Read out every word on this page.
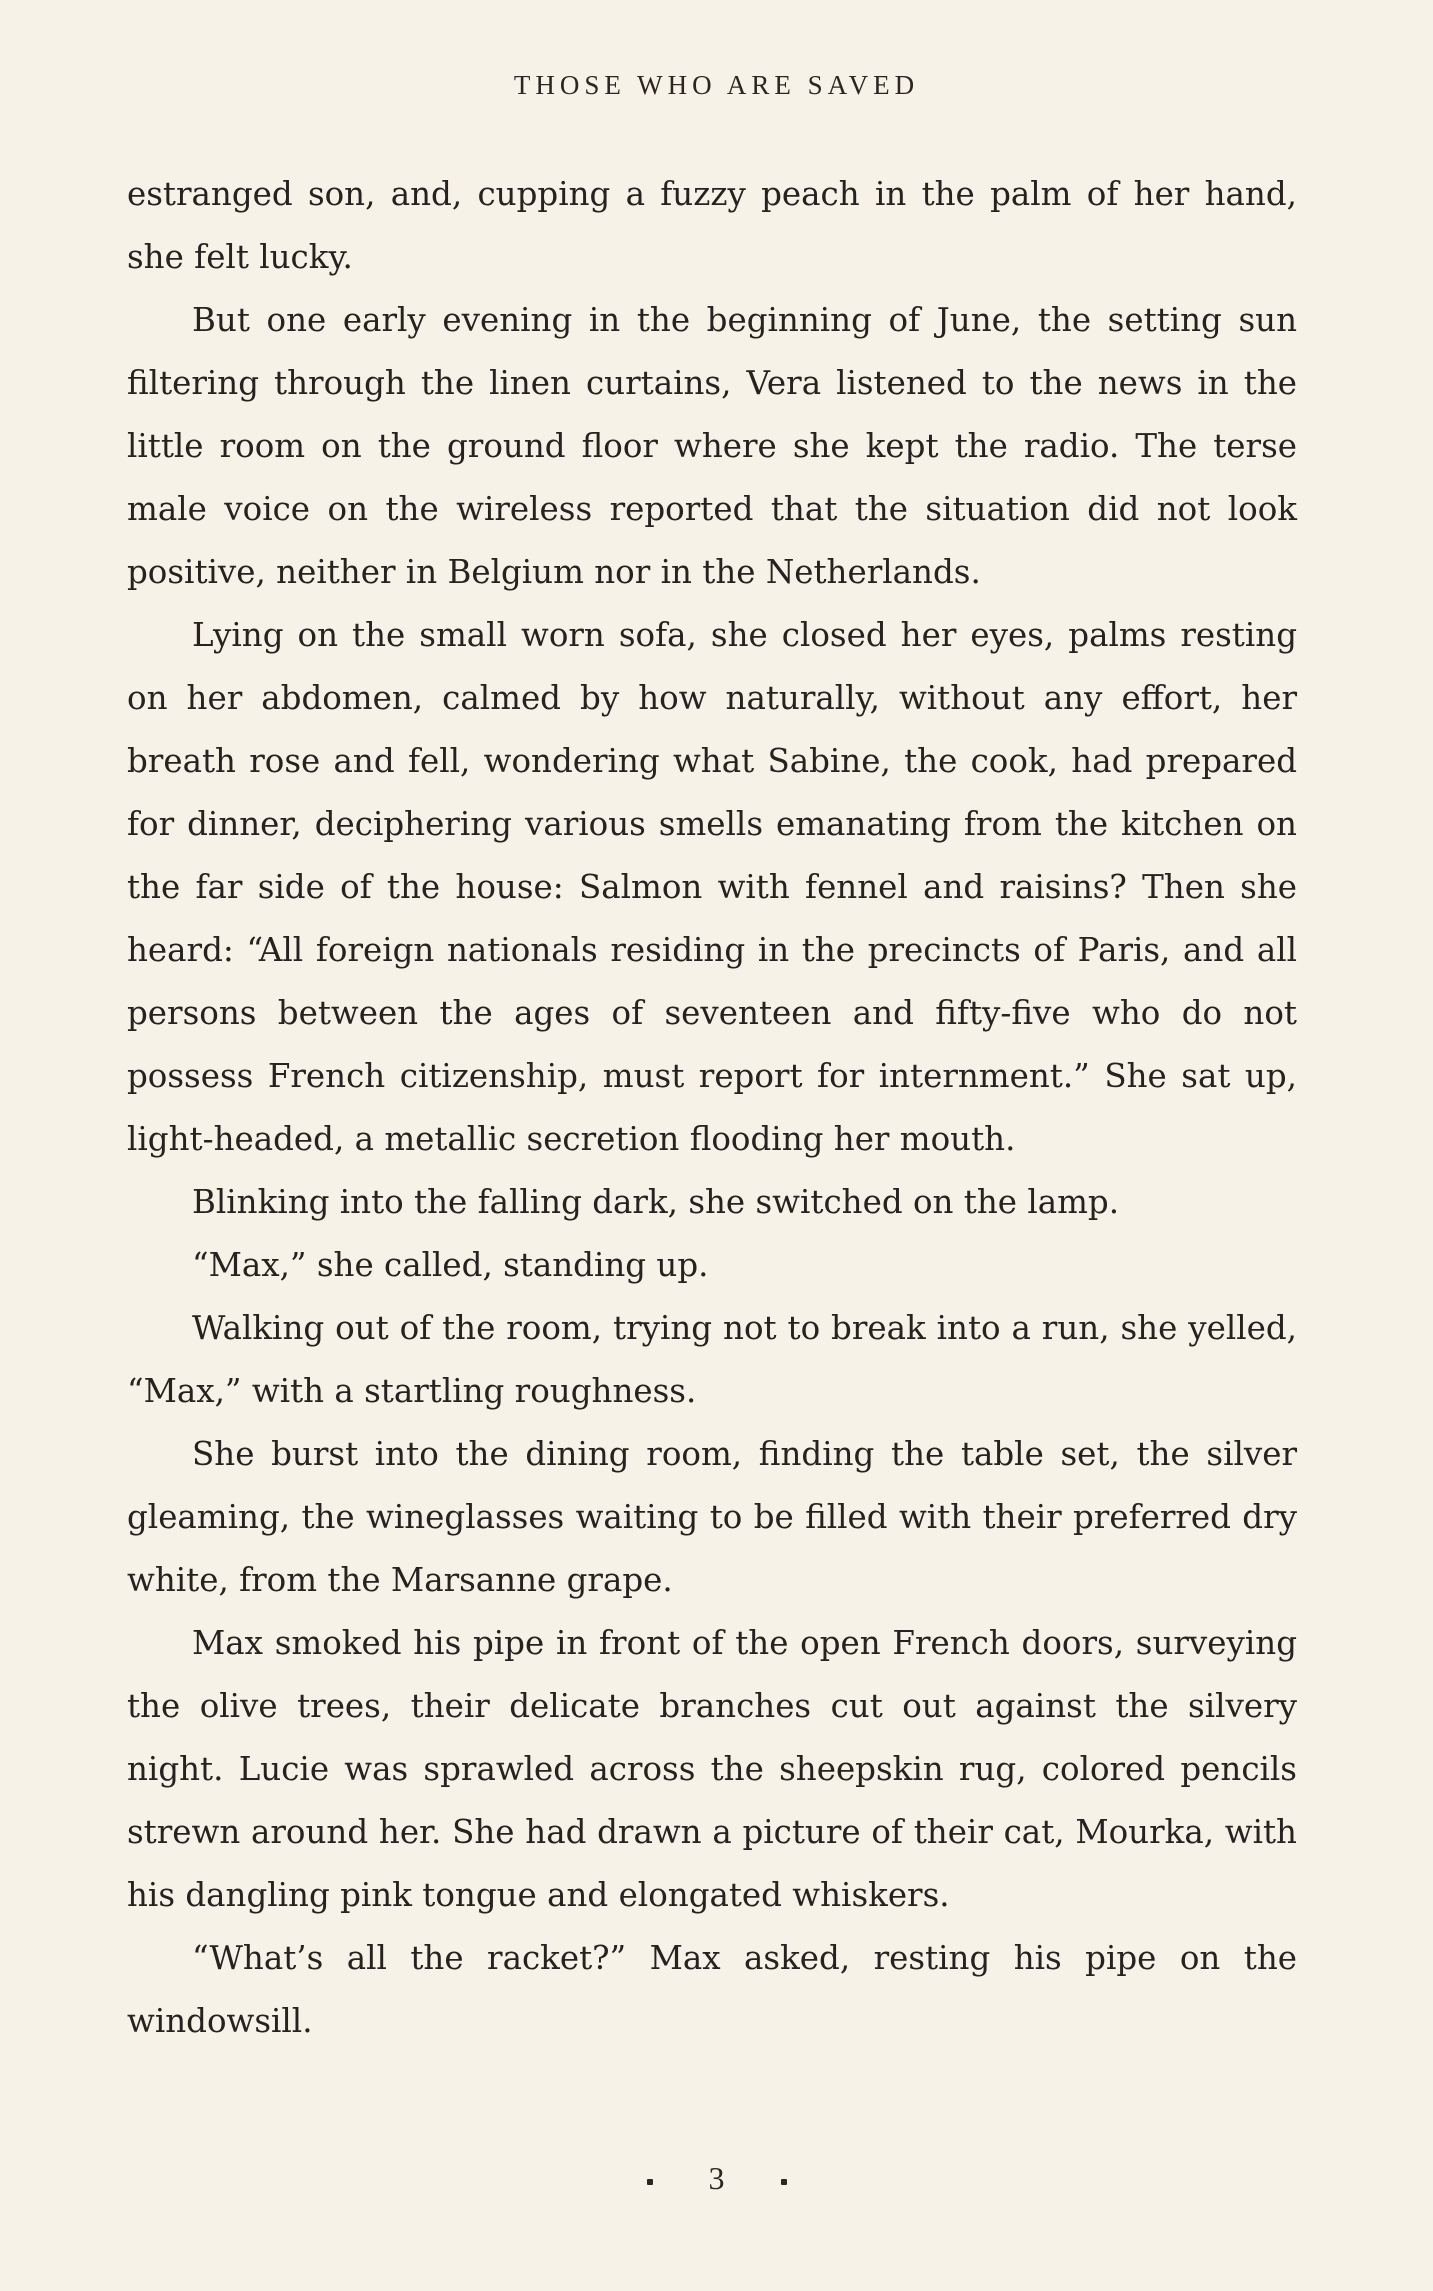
THOSE WHO ARE SAVED

estranged son, and, cupping a fuzzy peach in the palm of her hand, she felt lucky.

But one early evening in the beginning of June, the setting sun filtering through the linen curtains, Vera listened to the news in the little room on the ground floor where she kept the radio. The terse male voice on the wireless reported that the situation did not look positive, neither in Belgium nor in the Netherlands.

Lying on the small worn sofa, she closed her eyes, palms resting on her abdomen, calmed by how naturally, without any effort, her breath rose and fell, wondering what Sabine, the cook, had prepared for dinner, deciphering various smells emanating from the kitchen on the far side of the house: Salmon with fennel and raisins? Then she heard: “All foreign nationals residing in the precincts of Paris, and all persons between the ages of seventeen and fifty-five who do not possess French citizenship, must report for internment.” She sat up, light-headed, a metallic secretion flooding her mouth.

Blinking into the falling dark, she switched on the lamp.

“Max,” she called, standing up.

Walking out of the room, trying not to break into a run, she yelled, “Max,” with a startling roughness.

She burst into the dining room, finding the table set, the silver gleaming, the wineglasses waiting to be filled with their preferred dry white, from the Marsanne grape.

Max smoked his pipe in front of the open French doors, surveying the olive trees, their delicate branches cut out against the silvery night. Lucie was sprawled across the sheepskin rug, colored pencils strewn around her. She had drawn a picture of their cat, Mourka, with his dangling pink tongue and elongated whiskers.

“What’s all the racket?” Max asked, resting his pipe on the windowsill.

3
